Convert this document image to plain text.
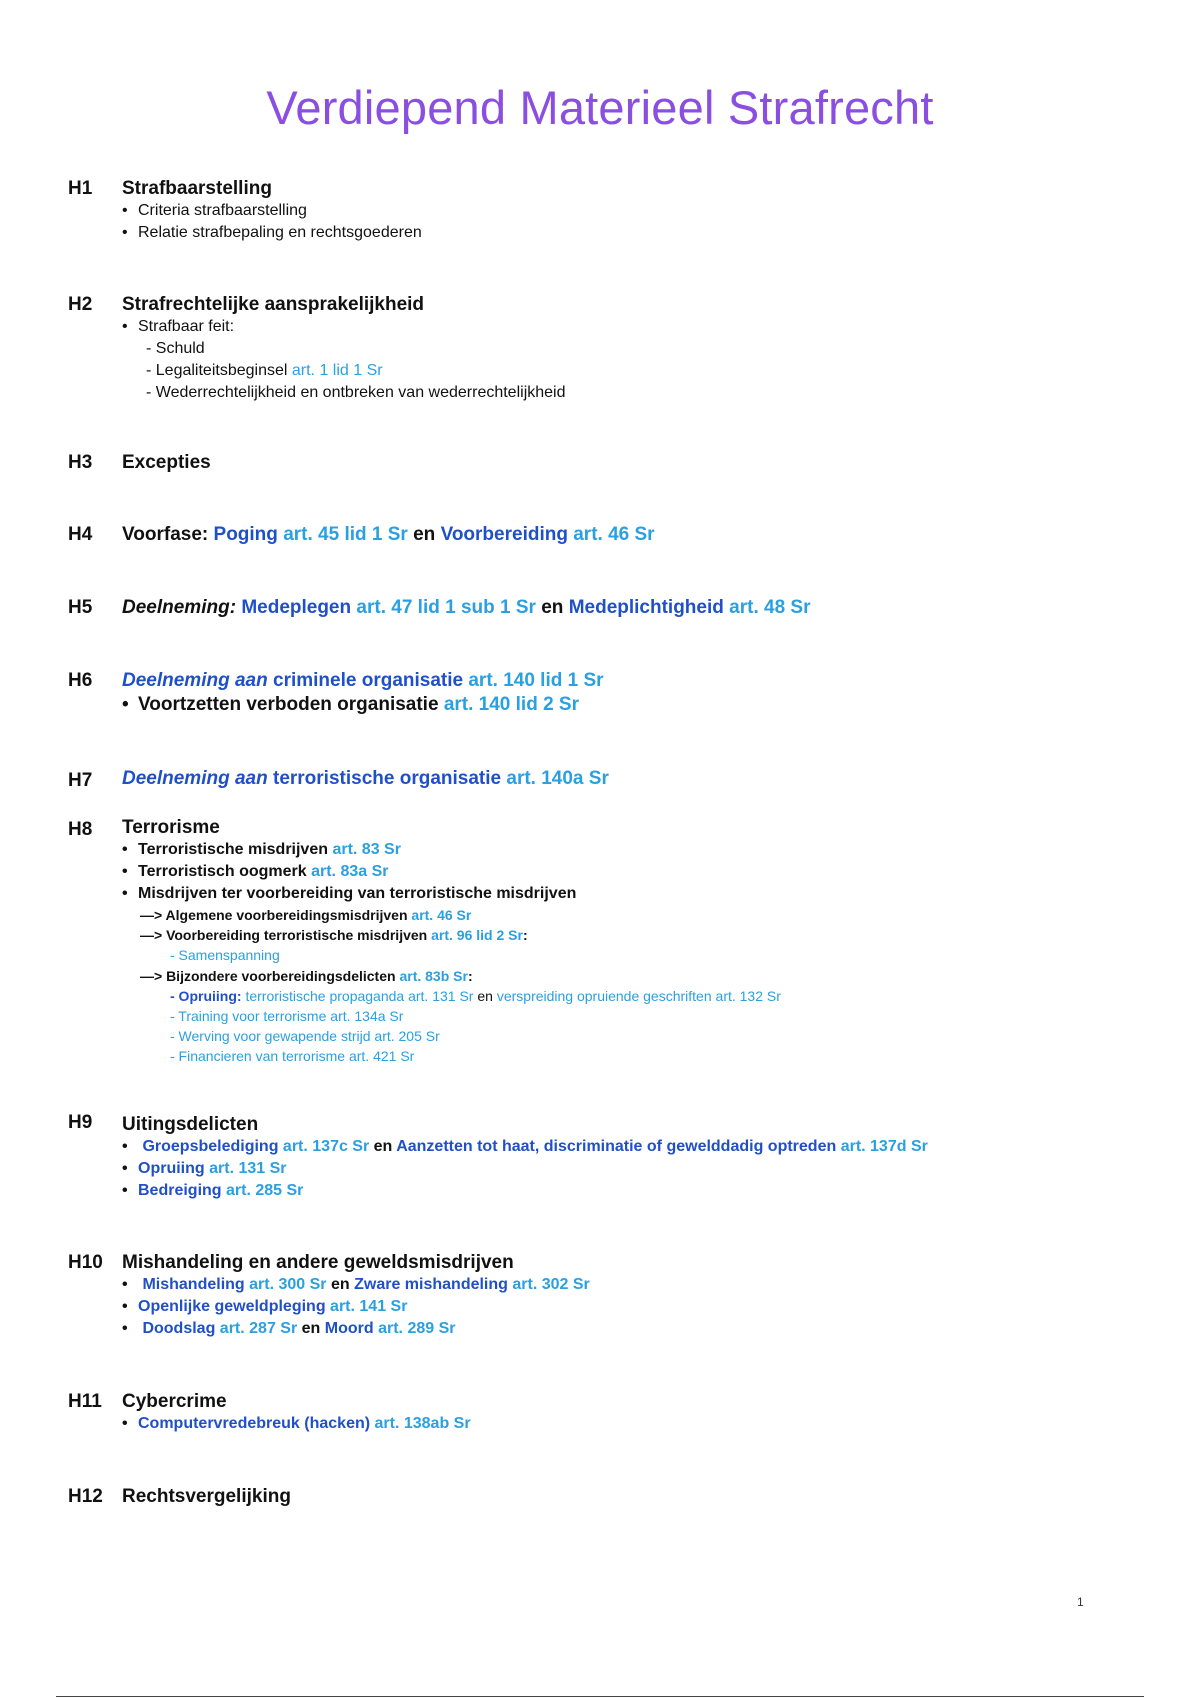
Verdiepend Materieel Strafrecht
H1 Strafbaarstelling
• Criteria strafbaarstelling
• Relatie strafbepaling en rechtsgoederen
H2 Strafrechtelijke aansprakelijkheid
• Strafbaar feit:
- Schuld
- Legaliteitsbeginsel art. 1 lid 1 Sr
- Wederrechtelijkheid en ontbreken van wederrechtelijkheid
H3 Excepties
H4 Voorfase: Poging art. 45 lid 1 Sr en Voorbereiding art. 46 Sr
H5 Deelneming: Medeplegen art. 47 lid 1 sub 1 Sr en Medeplichtigheid art. 48 Sr
H6 Deelneming aan criminele organisatie art. 140 lid 1 Sr
• Voortzetten verboden organisatie art. 140 lid 2 Sr
H7 Deelneming aan terroristische organisatie art. 140a Sr
H8 Terrorisme
• Terroristische misdrijven art. 83 Sr
• Terroristisch oogmerk art. 83a Sr
• Misdrijven ter voorbereiding van terroristische misdrijven
—> Algemene voorbereidingsmisdrijven art. 46 Sr
—> Voorbereiding terroristische misdrijven art. 96 lid 2 Sr:
- Samenspanning
—> Bijzondere voorbereidingsdelicten art. 83b Sr:
- Opruiing: terroristische propaganda art. 131 Sr en verspreiding opruiende geschriften art. 132 Sr
- Training voor terrorisme art. 134a Sr
- Werving voor gewapende strijd art. 205 Sr
- Financieren van terrorisme art. 421 Sr
H9 Uitingsdelicten
• Groepsbelediging art. 137c Sr en Aanzetten tot haat, discriminatie of gewelddadig optreden art. 137d Sr
• Opruiing art. 131 Sr
• Bedreiging art. 285 Sr
H10 Mishandeling en andere geweldsmisdrijven
• Mishandeling art. 300 Sr en Zware mishandeling art. 302 Sr
• Openlijke geweldpleging art. 141 Sr
• Doodslag art. 287 Sr en Moord art. 289 Sr
H11 Cybercrime
• Computervredebreuk (hacken) art. 138ab Sr
H12 Rechtsvergelijking
1
